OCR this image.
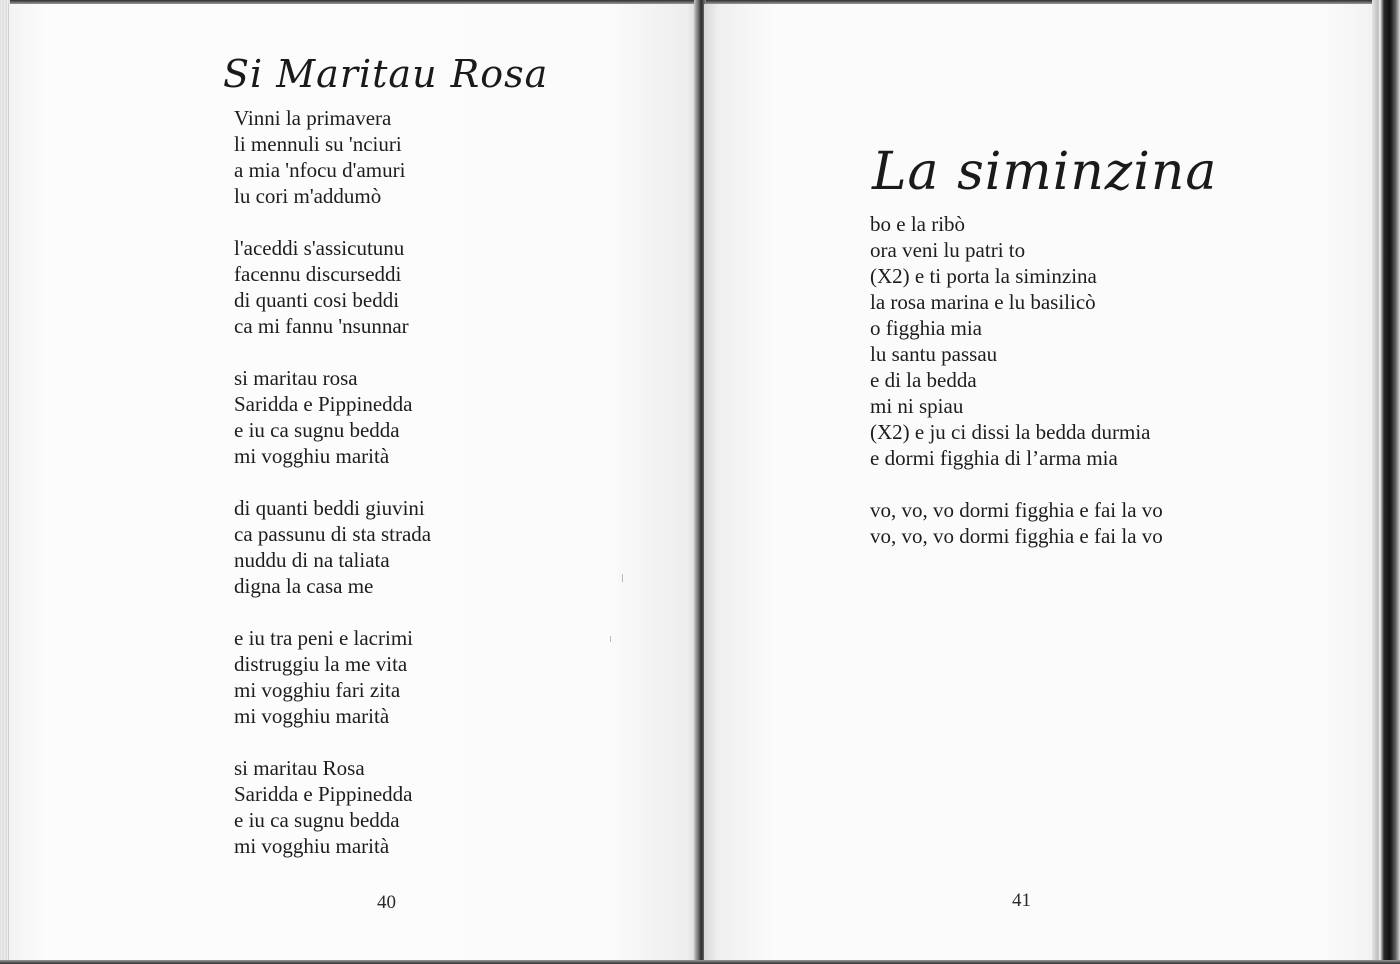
Si Maritau Rosa
Vinni la primavera
li mennuli su 'nciuri
a mia 'nfocu d'amuri
lu cori m'addumò
l'aceddi s'assicutunu
facennu discurseddi
di quanti cosi beddi
ca mi fannu 'nsunnar
si maritau rosa
Saridda e Pippinedda
e iu ca sugnu bedda
mi vogghiu marità
di quanti beddi giuvini
ca passunu di sta strada
nuddu di na taliata
digna la casa me
e iu tra peni e lacrimi
distruggiu la me vita
mi vogghiu fari zita
mi vogghiu marità
si maritau Rosa
Saridda e Pippinedda
e iu ca sugnu bedda
mi vogghiu marità
40
La siminzina
bo e la ribò
ora veni lu patri to
(X2) e ti porta la siminzina
la rosa marina e lu basilicò
o figghia mia
lu santu passau
e di la bedda
mi ni spiau
(X2) e ju ci dissi la bedda durmia
e dormi figghia di l’arma mia
vo, vo, vo dormi figghia e fai la vo
vo, vo, vo dormi figghia e fai la vo
41
